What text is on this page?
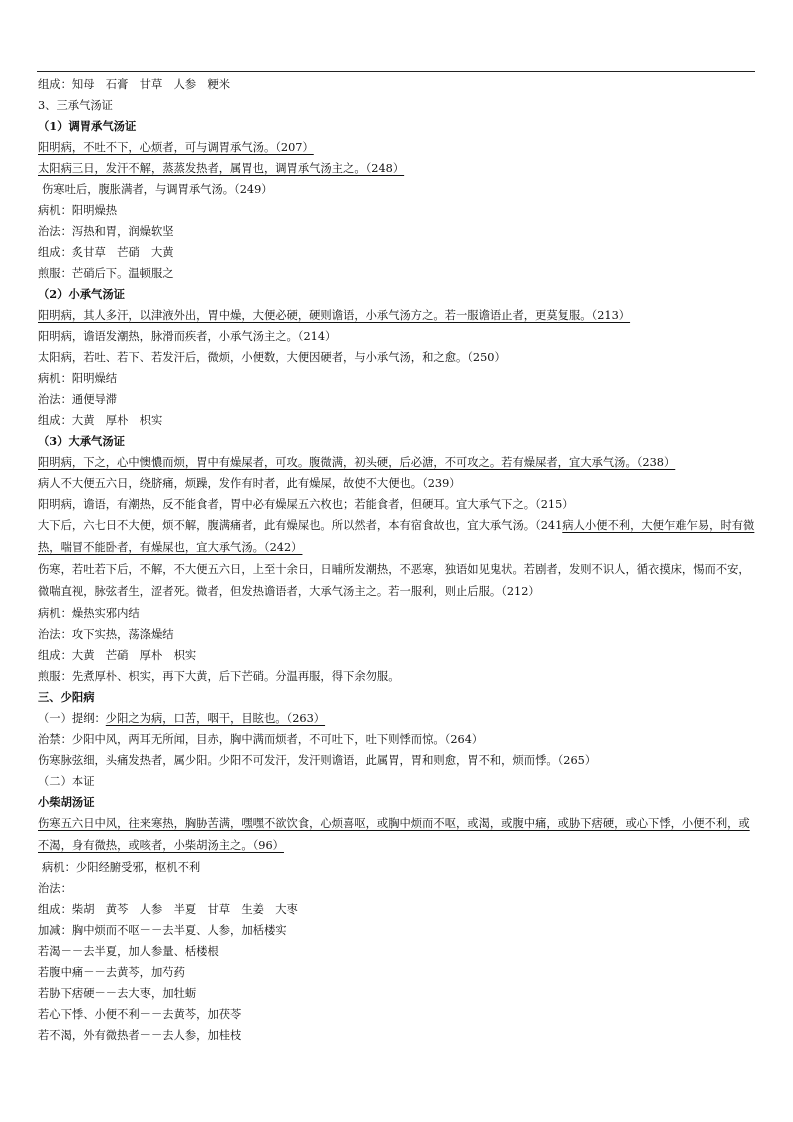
组成：知母　石膏　甘草　人参　粳米
3、三承气汤证
（1）调胃承气汤证
阳明病，不吐不下，心烦者，可与调胃承气汤。（207）
太阳病三日，发汗不解，蒸蒸发热者，属胃也，调胃承气汤主之。（248）
伤寒吐后，腹胀满者，与调胃承气汤。（249）
病机：阳明燥热
治法：泻热和胃，润燥软坚
组成：炙甘草　芒硝　大黄
煎服：芒硝后下。温顿服之
（2）小承气汤证
阳明病，其人多汗，以津液外出，胃中燥，大便必硬，硬则谵语，小承气汤方之。若一服谵语止者，更莫复服。（213）
阳明病，谵语发潮热，脉滑而疾者，小承气汤主之。（214）
太阳病，若吐、若下、若发汗后，微烦，小便数，大便因硬者，与小承气汤，和之愈。（250）
病机：阳明燥结
治法：通便导滞
组成：大黄　厚朴　枳实
（3）大承气汤证
阳明病，下之，心中懊憹而烦，胃中有燥屎者，可攻。腹微满，初头硬，后必溏，不可攻之。若有燥屎者，宜大承气汤。（238）
病人不大便五六日，绕脐痛，烦躁，发作有时者，此有燥屎，故使不大便也。（239）
阳明病，谵语，有潮热，反不能食者，胃中必有燥屎五六枚也；若能食者，但硬耳。宜大承气下之。（215）
大下后，六七日不大便，烦不解，腹满痛者，此有燥屎也。所以然者，本有宿食故也，宜大承气汤。（241病人小便不利，大便乍难乍易，时有微热，喘冒不能卧者，有燥屎也，宜大承气汤。（242）
伤寒，若吐若下后，不解，不大便五六日，上至十余日，日晡所发潮热，不恶寒，独语如见鬼状。若剧者，发则不识人，循衣摸床，惕而不安，微喘直视，脉弦者生，涩者死。微者，但发热谵语者，大承气汤主之。若一服利，则止后服。（212）
病机：燥热实邪内结
治法：攻下实热，荡涤燥结
组成：大黄　芒硝　厚朴　枳实
煎服：先煮厚朴、枳实，再下大黄，后下芒硝。分温再服，得下余勿服。
三、少阳病
（一）提纲：少阳之为病，口苦，咽干，目眩也。（263）
治禁：少阳中风，两耳无所闻，目赤，胸中满而烦者，不可吐下，吐下则悸而惊。（264）
伤寒脉弦细，头痛发热者，属少阳。少阳不可发汗，发汗则谵语，此属胃，胃和则愈，胃不和，烦而悸。（265）
（二）本证
小柴胡汤证
伤寒五六日中风，往来寒热，胸胁苦满，嘿嘿不欲饮食，心烦喜呕，或胸中烦而不呕，或渴，或腹中痛，或胁下痞硬，或心下悸，小便不利，或不渴，身有微热，或咳者，小柴胡汤主之。（96）
病机：少阳经腑受邪，枢机不利
治法：
组成：柴胡　黄芩　人参　半夏　甘草　生姜　大枣
加减：胸中烦而不呕－－去半夏、人参，加栝楼实
若渴－－去半夏，加人参量、栝楼根
若腹中痛－－去黄芩，加芍药
若胁下痞硬－－去大枣，加牡蛎
若心下悸、小便不利－－去黄芩，加茯苓
若不渴，外有微热者－－去人参，加桂枝
